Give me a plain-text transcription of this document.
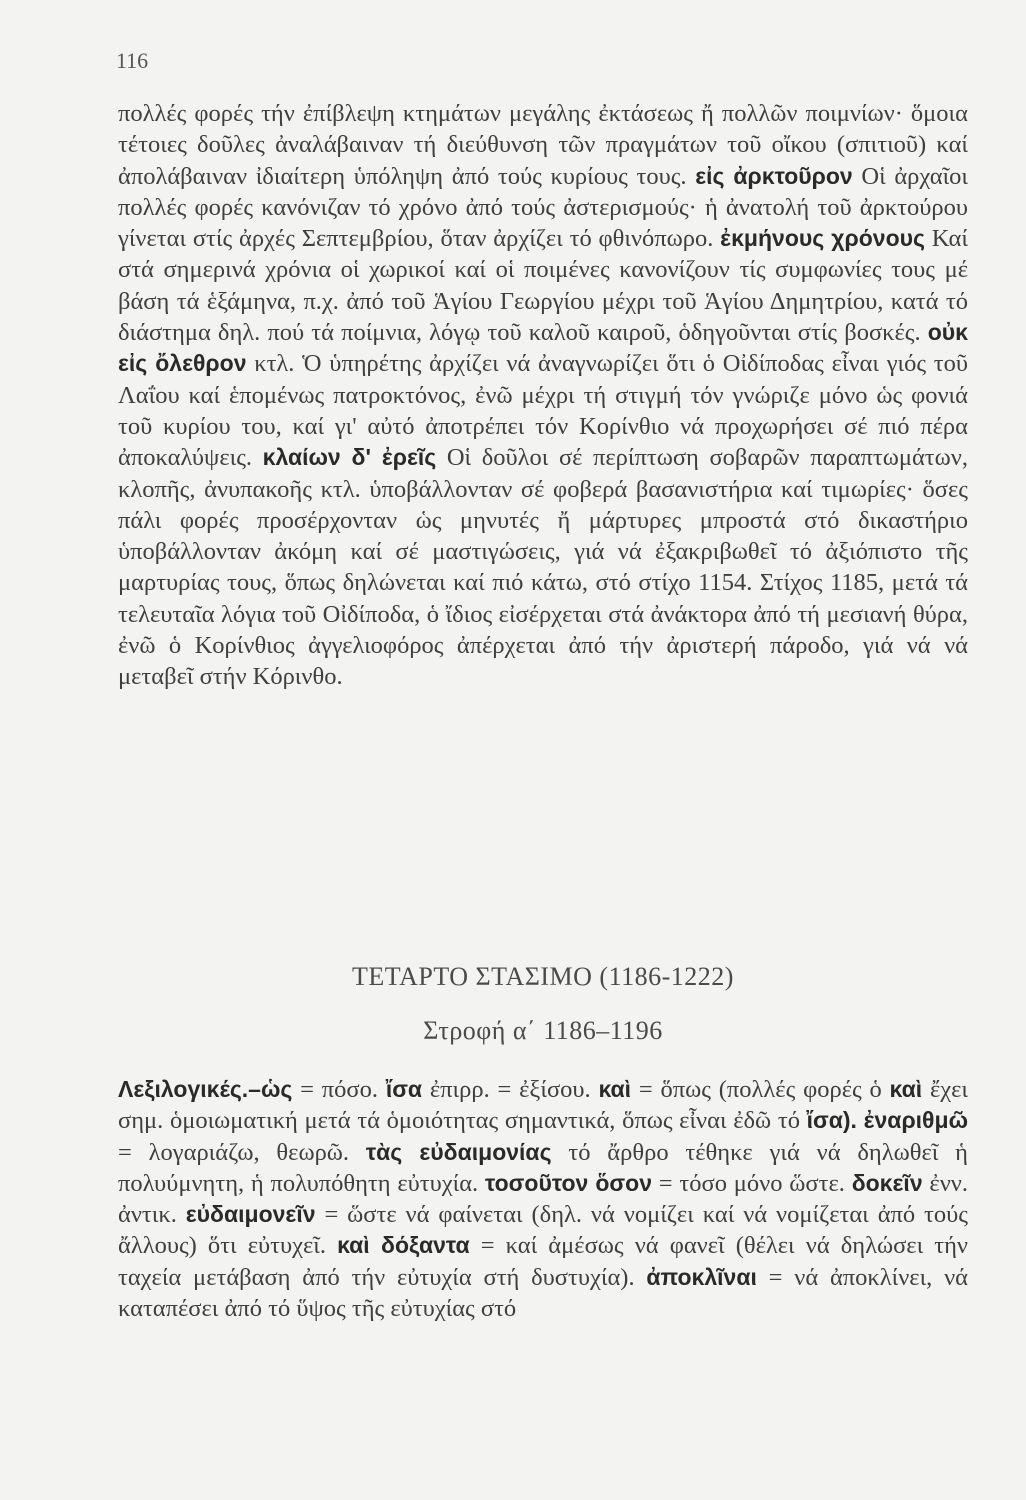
116

πολλές φορές τήν ἐπίβλεψη κτημάτων μεγάλης ἐκτάσεως ἤ πολλῶν ποιμνίων· ὅμοια τέτοιες δοῦλες ἀναλάβαιναν τή διεύθυνση τῶν πραγμάτων τοῦ οἴκου (σπιτιοῦ) καί ἀπολάβαιναν ἰδιαίτερη ὑπόληψη ἀπό τούς κυρίους τους. εἰς ἀρκτοῦρον Οἱ ἀρχαῖοι πολλές φορές κανόνιζαν τό χρόνο ἀπό τούς ἀστερισμούς· ἡ ἀνατολή τοῦ ἀρκτούρου γίνεται στίς ἀρχές Σεπτεμβρίου, ὅταν ἀρχίζει τό φθινόπωρο. ἐκμήνους χρόνους Καί στά σημερινά χρόνια οἱ χωρικοί καί οἱ ποιμένες κανονίζουν τίς συμφωνίες τους μέ βάση τά ἑξάμηνα, π.χ. ἀπό τοῦ Ἁγίου Γεωργίου μέχρι τοῦ Ἁγίου Δημητρίου, κατά τό διάστημα δηλ. πού τά ποίμνια, λόγῳ τοῦ καλοῦ καιροῦ, ὁδηγοῦνται στίς βοσκές. οὐκ εἰς ὄλεθρον κτλ. Ὁ ὑπηρέτης ἀρχίζει νά ἀναγνωρίζει ὅτι ὁ Οἰδίποδας εἶναι γιός τοῦ Λαΐου καί ἑπομένως πατροκτόνος, ἐνῶ μέχρι τή στιγμή τόν γνώριζε μόνο ὡς φονιά τοῦ κυρίου του, καί γι' αὐτό ἀποτρέπει τόν Κορίνθιο νά προχωρήσει σέ πιό πέρα ἀποκαλύψεις. κλαίων δ' ἐρεῖς Οἱ δοῦλοι σέ περίπτωση σοβαρῶν παραπτωμάτων, κλοπῆς, ἀνυπακοῆς κτλ. ὑποβάλλονταν σέ φοβερά βασανιστήρια καί τιμωρίες· ὅσες πάλι φορές προσέρχονταν ὡς μηνυτές ἤ μάρτυρες μπροστά στό δικαστήριο ὑποβάλλονταν ἀκόμη καί σέ μαστιγώσεις, γιά νά ἐξακριβωθεῖ τό ἀξιόπιστο τῆς μαρτυρίας τους, ὅπως δηλώνεται καί πιό κάτω, στό στίχο 1154. Στίχος 1185, μετά τά τελευταῖα λόγια τοῦ Οἰδίποδα, ὁ ἴδιος εἰσέρχεται στά ἀνάκτορα ἀπό τή μεσιανή θύρα, ἐνῶ ὁ Κορίνθιος ἀγγελιοφόρος ἀπέρχεται ἀπό τήν ἀριστερή πάροδο, γιά νά νά μεταβεῖ στήν Κόρινθο.

ΤΕΤΑΡΤΟ ΣΤΑΣΙΜΟ (1186-1222)
Στροφή α΄ 1186–1196

Λεξιλογικές.–ὡς = πόσο. ἴσα ἐπιρρ. = ἐξίσου. καὶ = ὅπως (πολλές φορές ὁ καὶ ἔχει σημ. ὁμοιωματική μετά τά ὁμοιότητας σημαντικά, ὅπως εἶναι ἐδῶ τό ἴσα). ἐναριθμῶ = λογαριάζω, θεωρῶ. τὰς εὐδαιμονίας τό ἄρθρο τέθηκε γιά νά δηλωθεῖ ἡ πολυύμνητη, ἡ πολυπόθητη εὐτυχία. τοσοῦτον ὅσον = τόσο μόνο ὥστε. δοκεῖν ἐνν. ἀντικ. εὐδαιμονεῖν = ὥστε νά φαίνεται (δηλ. νά νομίζει καί νά νομίζεται ἀπό τούς ἄλλους) ὅτι εὐτυχεῖ. καὶ δόξαντα = καί ἀμέσως νά φανεῖ (θέλει νά δηλώσει τήν ταχεία μετάβαση ἀπό τήν εὐτυχία στή δυστυχία). ἀποκλῖναι = νά ἀποκλίνει, νά καταπέσει ἀπό τό ὕψος τῆς εὐτυχίας στό
